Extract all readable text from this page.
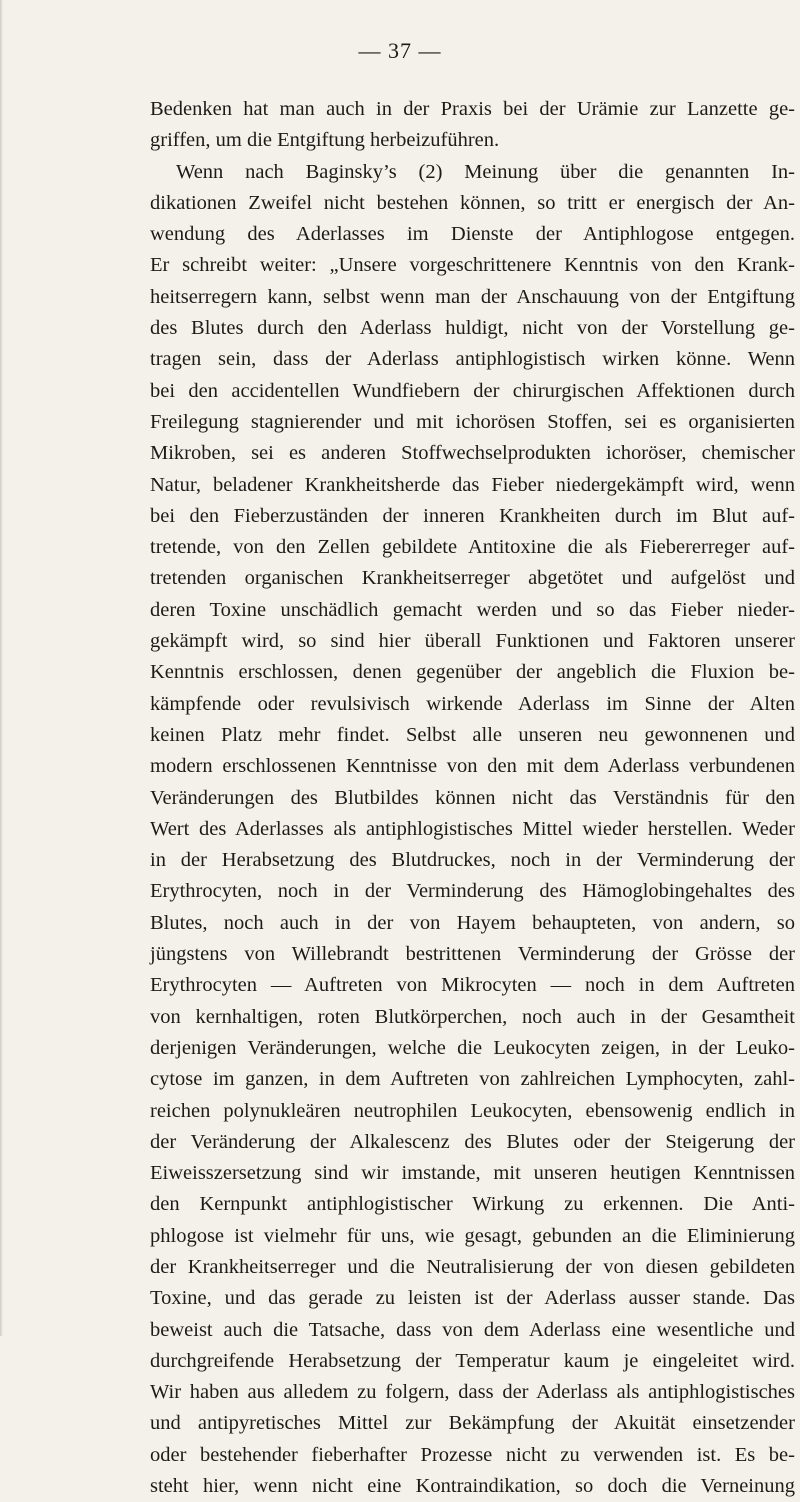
— 37 —
Bedenken hat man auch in der Praxis bei der Urämie zur Lanzette ge-
griffen, um die Entgiftung herbeizuführen.
Wenn nach Baginsky’s (2) Meinung über die genannten In-
dikationen Zweifel nicht bestehen können, so tritt er energisch der An-
wendung des Aderlasses im Dienste der Antiphlogose entgegen.
Er schreibt weiter: „Unsere vorgeschrittenere Kenntnis von den Krank-
heitserregern kann, selbst wenn man der Anschauung von der Entgiftung
des Blutes durch den Aderlass huldigt, nicht von der Vorstellung ge-
tragen sein, dass der Aderlass antiphlogistisch wirken könne. Wenn
bei den accidentellen Wundfiebern der chirurgischen Affektionen durch
Freilegung stagnierender und mit ichorösen Stoffen, sei es organisierten
Mikroben, sei es anderen Stoffwechselprodukten ichoröser, chemischer
Natur, beladener Krankheitsherde das Fieber niedergekämpft wird, wenn
bei den Fieberzuständen der inneren Krankheiten durch im Blut auf-
tretende, von den Zellen gebildete Antitoxine die als Fiebererreger auf-
tretenden organischen Krankheitserreger abgetötet und aufgelöst und
deren Toxine unschädlich gemacht werden und so das Fieber nieder-
gekämpft wird, so sind hier überall Funktionen und Faktoren unserer
Kenntnis erschlossen, denen gegenüber der angeblich die Fluxion be-
kämpfende oder revulsivisch wirkende Aderlass im Sinne der Alten
keinen Platz mehr findet. Selbst alle unseren neu gewonnenen und
modern erschlossenen Kenntnisse von den mit dem Aderlass verbundenen
Veränderungen des Blutbildes können nicht das Verständnis für den
Wert des Aderlasses als antiphlogistisches Mittel wieder herstellen. Weder
in der Herabsetzung des Blutdruckes, noch in der Verminderung der
Erythrocyten, noch in der Verminderung des Hämoglobingehaltes des
Blutes, noch auch in der von Hayem behaupteten, von andern, so
jüngstens von Willebrandt bestrittenen Verminderung der Grösse der
Erythrocyten — Auftreten von Mikrocyten — noch in dem Auftreten
von kernhaltigen, roten Blutkörperchen, noch auch in der Gesamtheit
derjenigen Veränderungen, welche die Leukocyten zeigen, in der Leuko-
cytose im ganzen, in dem Auftreten von zahlreichen Lymphocyten, zahl-
reichen polynukleären neutrophilen Leukocyten, ebensowenig endlich in
der Veränderung der Alkalescenz des Blutes oder der Steigerung der
Eiweisszersetzung sind wir imstande, mit unseren heutigen Kenntnissen
den Kernpunkt antiphlogistischer Wirkung zu erkennen. Die Anti-
phlogose ist vielmehr für uns, wie gesagt, gebunden an die Eliminierung
der Krankheitserreger und die Neutralisierung der von diesen gebildeten
Toxine, und das gerade zu leisten ist der Aderlass ausser stande. Das
beweist auch die Tatsache, dass von dem Aderlass eine wesentliche und
durchgreifende Herabsetzung der Temperatur kaum je eingeleitet wird.
Wir haben aus alledem zu folgern, dass der Aderlass als antiphlogistisches
und antipyretisches Mittel zur Bekämpfung der Akuität einsetzender
oder bestehender fieberhafter Prozesse nicht zu verwenden ist. Es be-
steht hier, wenn nicht eine Kontraindikation, so doch die Verneinung
